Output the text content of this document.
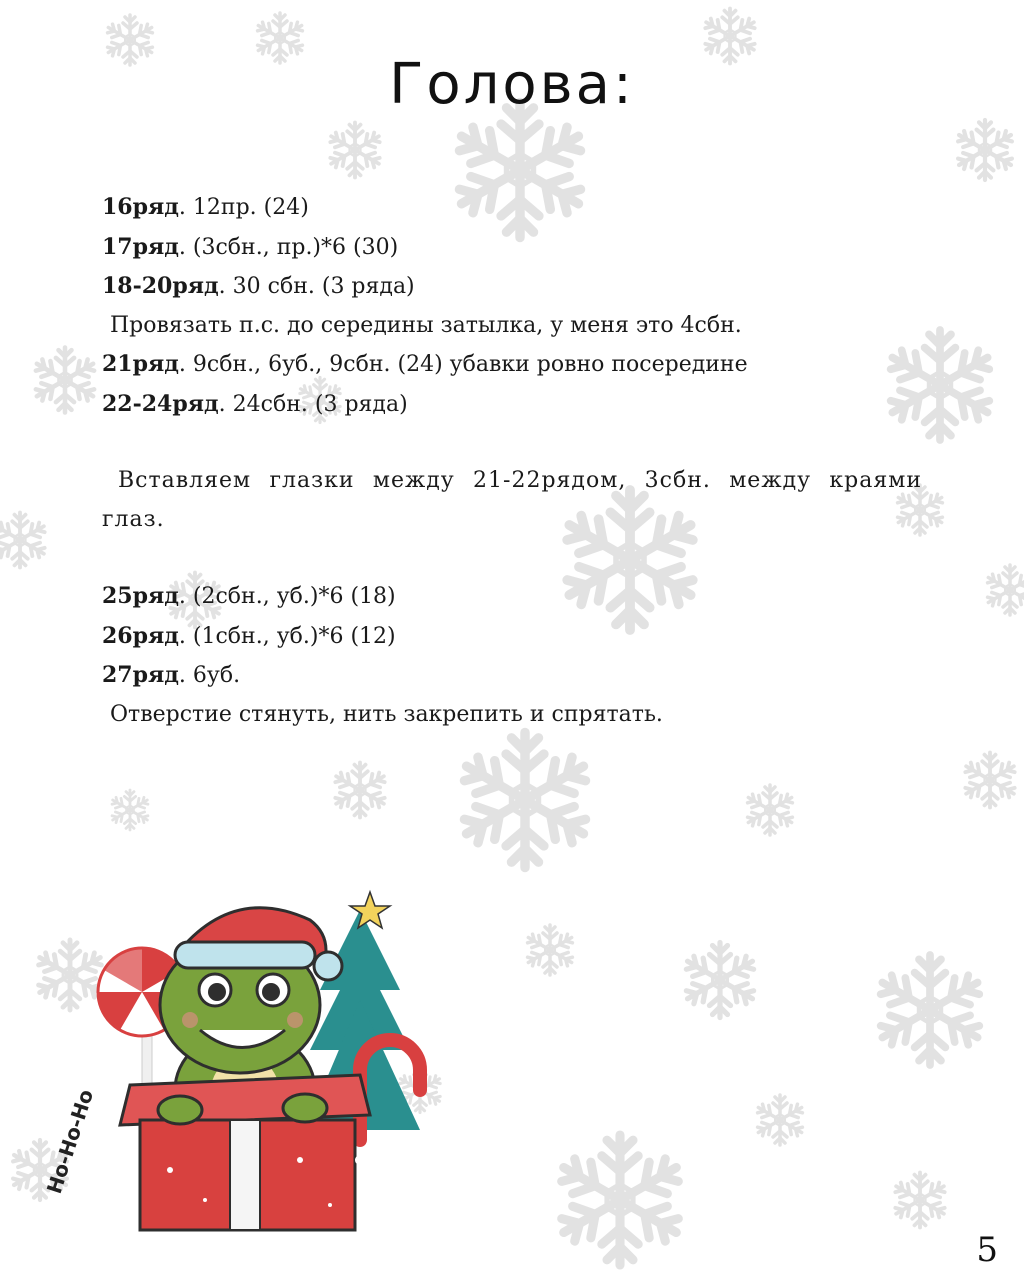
Голова:
16ряд. 12пр. (24)
17ряд. (3сбн., пр.)*6 (30)
18-20ряд. 30 сбн. (3 ряда)
Провязать п.с. до середины затылка, у меня это 4сбн.
21ряд. 9сбн., 6уб., 9сбн. (24) убавки ровно посередине
22-24ряд. 24сбн. (3 ряда)
Вставляем глазки между 21-22рядом, 3сбн. между краями глаз.
25ряд. (2сбн., уб.)*6 (18)
26ряд. (1сбн., уб.)*6 (12)
27ряд. 6уб.
Отверстие стянуть, нить закрепить и спрятать.
Ho-Ho-Ho
5
